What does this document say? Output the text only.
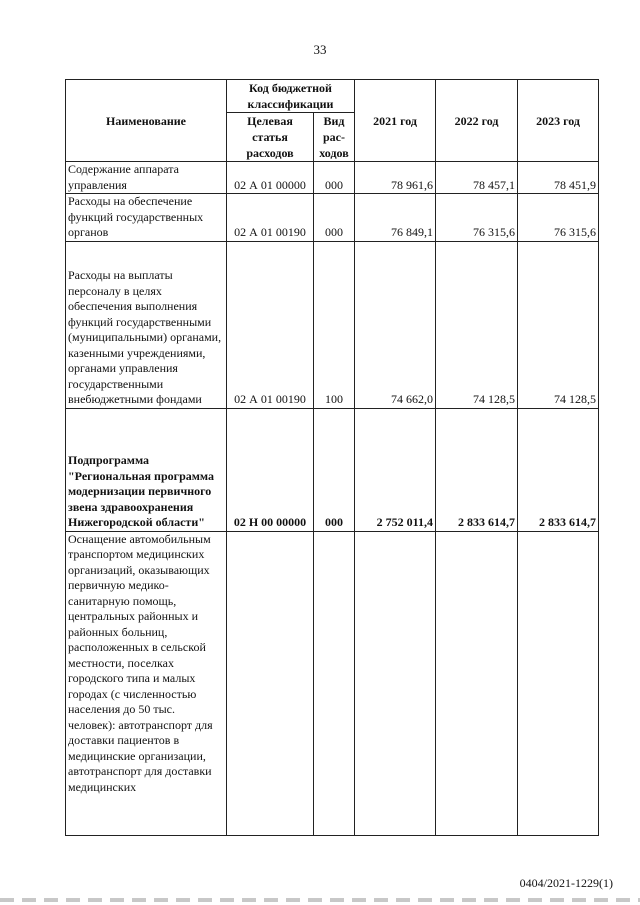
33
Наименование	Код бюджетной классификации		2021 год	2022 год	2023 год
	Целевая статья расходов	Вид рас-ходов			
Содержание аппарата управления	02 А 01 00000	000	78 961,6	78 457,1	78 451,9
Расходы на обеспечение функций государственных органов	02 А 01 00190	000	76 849,1	76 315,6	76 315,6
Расходы на выплаты персоналу в целях обеспечения выполнения функций государственными (муниципальными) органами, казенными учреждениями, органами управления государственными внебюджетными фондами	02 А 01 00190	100	74 662,0	74 128,5	74 128,5
Подпрограмма "Региональная программа модернизации первичного звена здравоохранения Нижегородской области"	02 Н 00 00000	000	2 752 011,4	2 833 614,7	2 833 614,7
Оснащение автомобильным транспортом медицинских организаций, оказывающих первичную медико-санитарную помощь, центральных районных и районных больниц, расположенных в сельской местности, поселках городского типа и малых городах (с численностью населения до 50 тыс. человек): автотранспорт для доставки пациентов в медицинские организации, автотранспорт для доставки медицинских					
0404/2021-1229(1)
